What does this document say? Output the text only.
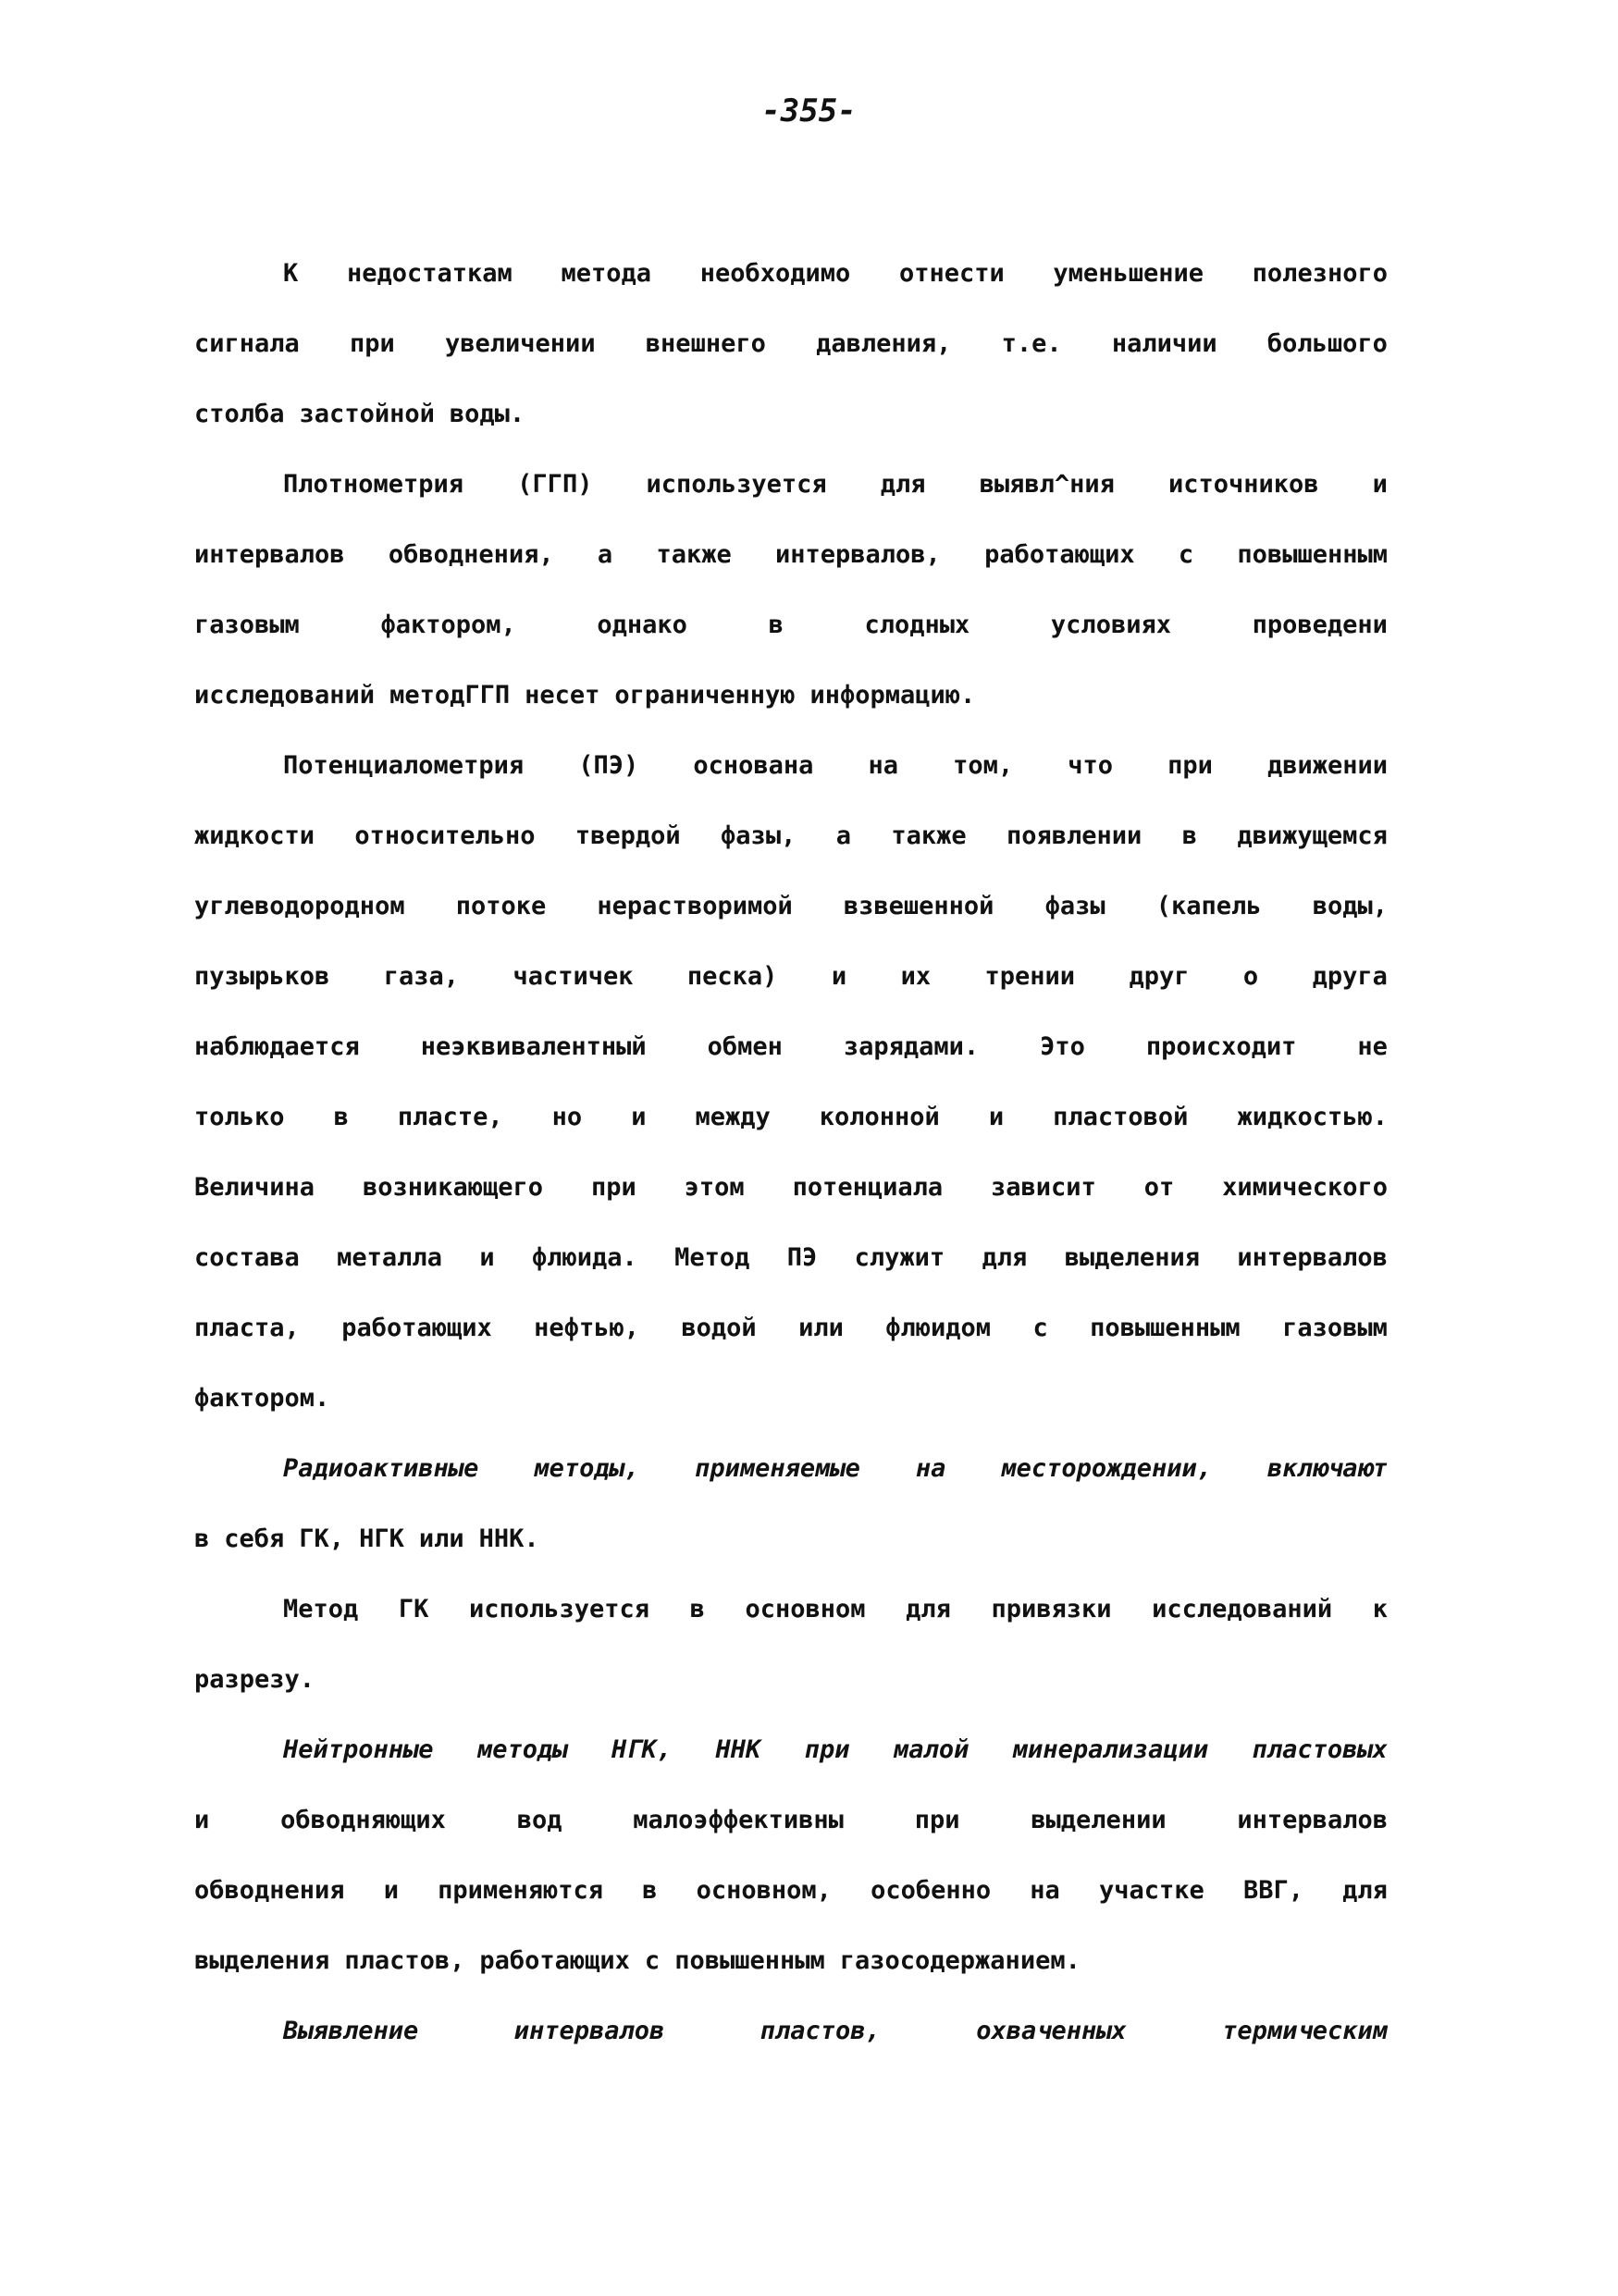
-355-
К недостаткам метода необходимо отнести уменьшение полезного
сигнала при увеличении внешнего давления, т.е. наличии большого
столба застойной воды.
Плотнометрия (ГГП) используется для выявл^ния источников и
интервалов обводнения, а также интервалов, работающих с повышенным
газовым	фактором,	однако	в	слодных	условиях	проведени
исследований методГГП несет ограниченную информацию.
Потенциалометрия (ПЭ) основана на том, что при движении
жидкости относительно твердой фазы, а также появлении в движущемся
углеводородном потоке нерастворимой взвешенной фазы (капель воды,
пузырьков газа, частичек песка) и их трении друг о друга
наблюдается неэквивалентный обмен зарядами. Это происходит не
только в пласте, но и между колонной и пластовой жидкостью.
Величина возникающего при этом потенциала зависит от химического
состава металла и флюида. Метод ПЭ служит для выделения интервалов
пласта, работающих нефтью, водой или флюидом с повышенным газовым
фактором.
Радиоактивные методы, применяемые на месторождении, включают
в себя ГК, НГК или ННК.
Метод ГК используется в основном для привязки исследований к
разрезу.
Нейтронные методы НГК, ННК при малой минерализации пластовых
и	обводняющих	вод	малоэффективны	при	выделении	интервалов
обводнения и применяются в основном, особенно на участке ВВГ, для
выделения пластов, работающих с повышенным газосодержанием.
Выявление	интервалов	пластов,	охваченных	термическим
